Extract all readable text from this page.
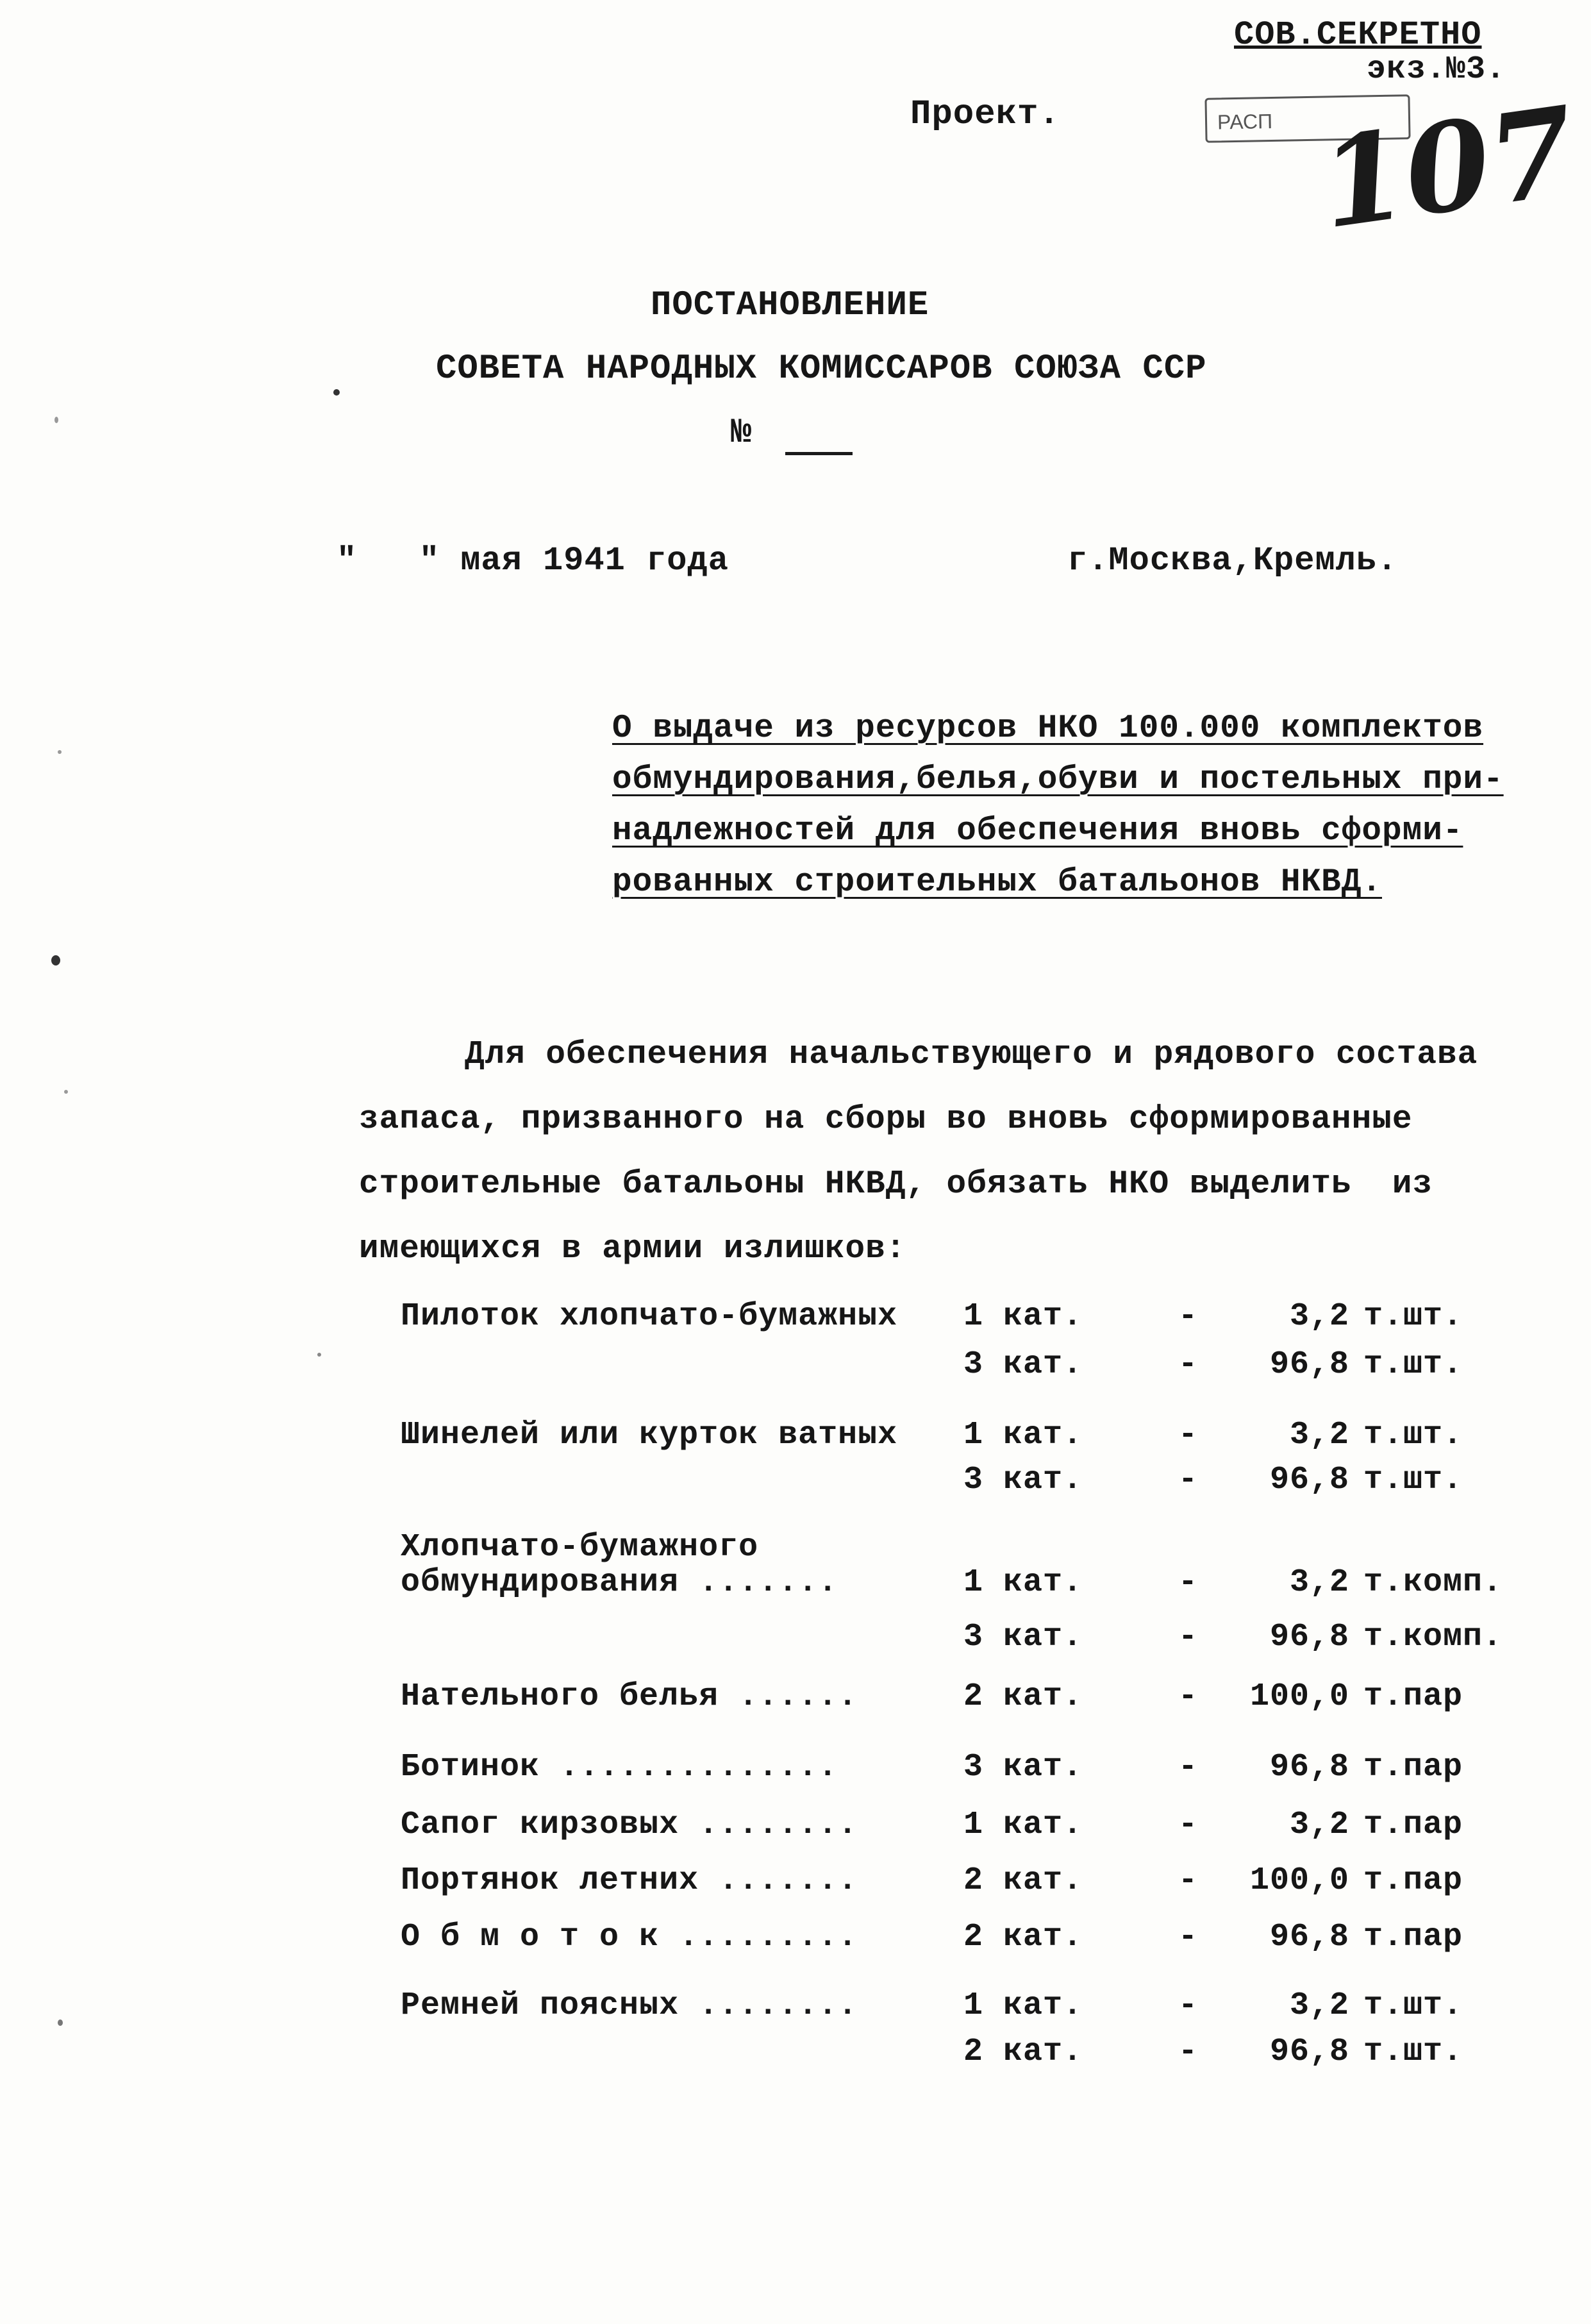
СОВ.СЕКРЕТНО
экз.№3.
РАСП 107
Проект.
ПОСТАНОВЛЕНИЕ
СОВЕТА НАРОДНЫХ КОМИССАРОВ СОЮЗА ССР
№
"   " мая 1941 года	г.Москва,Кремль.
О выдаче из ресурсов НКО 100.000 комплектов
обмундирования,белья,обуви и постельных при-
надлежностей для обеспечения вновь сформи-
рованных строительных батальонов НКВД.
Для обеспечения начальствующего и рядового состава
запаса, призванного на сборы во вновь сформированные
строительные батальоны НКВД, обязать НКО выделить  из
имеющихся в армии излишков:
Пилоток хлопчато-бумажных 1 кат.	-	3,2 т.шт.
3 кат.	-	96,8 т.шт.
Шинелей или курток ватных 1 кат.	-	3,2 т.шт.
3 кат.	-	96,8 т.шт.
Хлопчато-бумажного
обмундирования .......	1 кат.	-	3,2 т.комп.
3 кат.	-	96,8 т.комп.
Нательного белья ......	2 кат.	-	100,0 т.пар
Ботинок ..............	3 кат.	-	96,8 т.пар
Сапог кирзовых ........	1 кат.	-	3,2 т.пар
Портянок летних .......	2 кат.	-	100,0 т.пар
О б м о т о к .........	2 кат.	-	96,8 т.пар
Ремней поясных ........	1 кат.	-	3,2 т.шт.
2 кат.	-	96,8 т.шт.
